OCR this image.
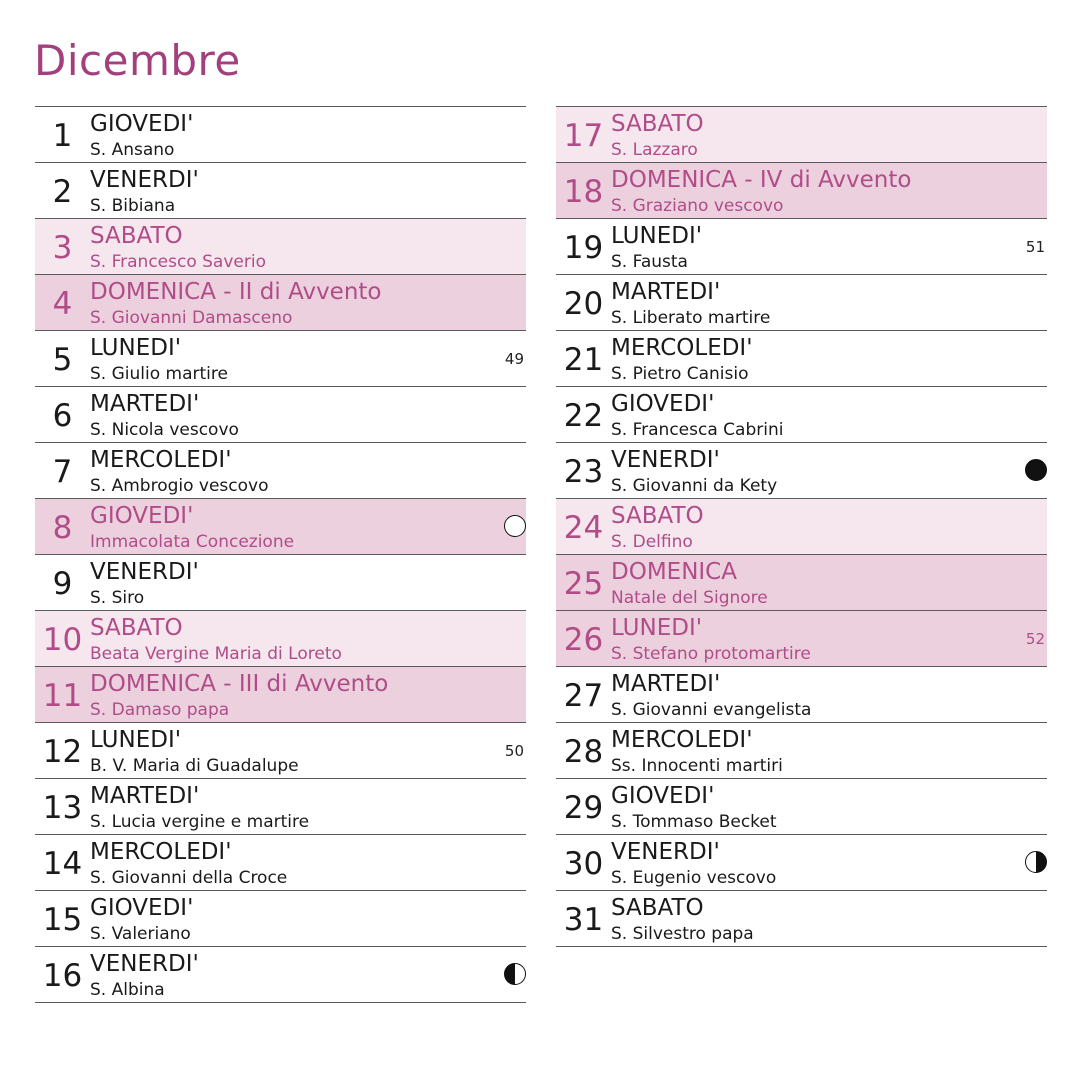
Dicembre
1 GIOVEDI'
S. Ansano
2 VENERDI'
S. Bibiana
3 SABATO
S. Francesco Saverio
4 DOMENICA - II di Avvento
S. Giovanni Damasceno
5 LUNEDI'
S. Giulio martire
49
6 MARTEDI'
S. Nicola vescovo
7 MERCOLEDI'
S. Ambrogio vescovo
8 GIOVEDI'
Immacolata Concezione
9 VENERDI'
S. Siro
10 SABATO
Beata Vergine Maria di Loreto
11 DOMENICA - III di Avvento
S. Damaso papa
12 LUNEDI'
B. V. Maria di Guadalupe
50
13 MARTEDI'
S. Lucia vergine e martire
14 MERCOLEDI'
S. Giovanni della Croce
15 GIOVEDI'
S. Valeriano
16 VENERDI'
S. Albina
17 SABATO
S. Lazzaro
18 DOMENICA - IV di Avvento
S. Graziano vescovo
19 LUNEDI'
S. Fausta
51
20 MARTEDI'
S. Liberato martire
21 MERCOLEDI'
S. Pietro Canisio
22 GIOVEDI'
S. Francesca Cabrini
23 VENERDI'
S. Giovanni da Kety
24 SABATO
S. Delfino
25 DOMENICA
Natale del Signore
26 LUNEDI'
S. Stefano protomartire
52
27 MARTEDI'
S. Giovanni evangelista
28 MERCOLEDI'
Ss. Innocenti martiri
29 GIOVEDI'
S. Tommaso Becket
30 VENERDI'
S. Eugenio vescovo
31 SABATO
S. Silvestro papa
